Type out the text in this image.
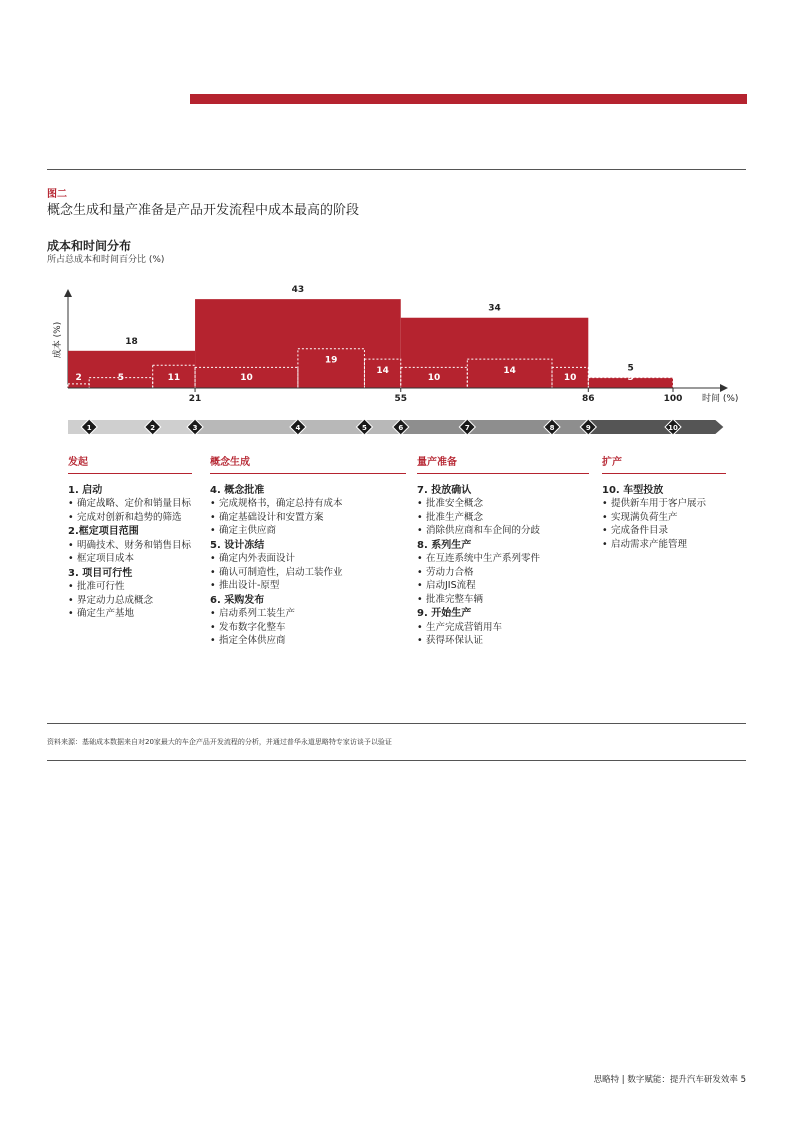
图二
概念生成和量产准备是产品开发流程中成本最高的阶段
成本和时间分布
所占总成本和时间百分比 (%)
成本 (%)	18
43
34
5
2	5	11	10
19
14
10
14
10	5
21	55	86	100 时间 (%)
1	2	3	4	5	6	7	8	9	10
发起
1. 启动
• 确定战略、定价和销量目标
• 完成对创新和趋势的筛选
2.框定项目范围
• 明确技术、财务和销售目标
• 框定项目成本
3. 项目可行性
• 批准可行性
• 界定动力总成概念
• 确定生产基地
概念生成
4. 概念批准
• 完成规格书，确定总持有成本
• 确定基础设计和安置方案
• 确定主供应商
5. 设计冻结
• 确定内外表面设计
• 确认可制造性，启动工装作业
• 推出设计-原型
6. 采购发布
• 启动系列工装生产
• 发布数字化整车
• 指定全体供应商
量产准备
7. 投放确认
• 批准安全概念
• 批准生产概念
• 消除供应商和车企间的分歧
8. 系列生产
• 在互连系统中生产系列零件
• 劳动力合格
• 启动JIS流程
• 批准完整车辆
9. 开始生产
• 生产完成营销用车
• 获得环保认证
扩产
10. 车型投放
• 提供新车用于客户展示
• 实现满负荷生产
• 完成备件目录
• 启动需求产能管理
资料来源：基础成本数据来自对20家最大的车企产品开发流程的分析，并通过普华永道思略特专家访谈予以验证
思略特 | 数字赋能：提升汽车研发效率 5
